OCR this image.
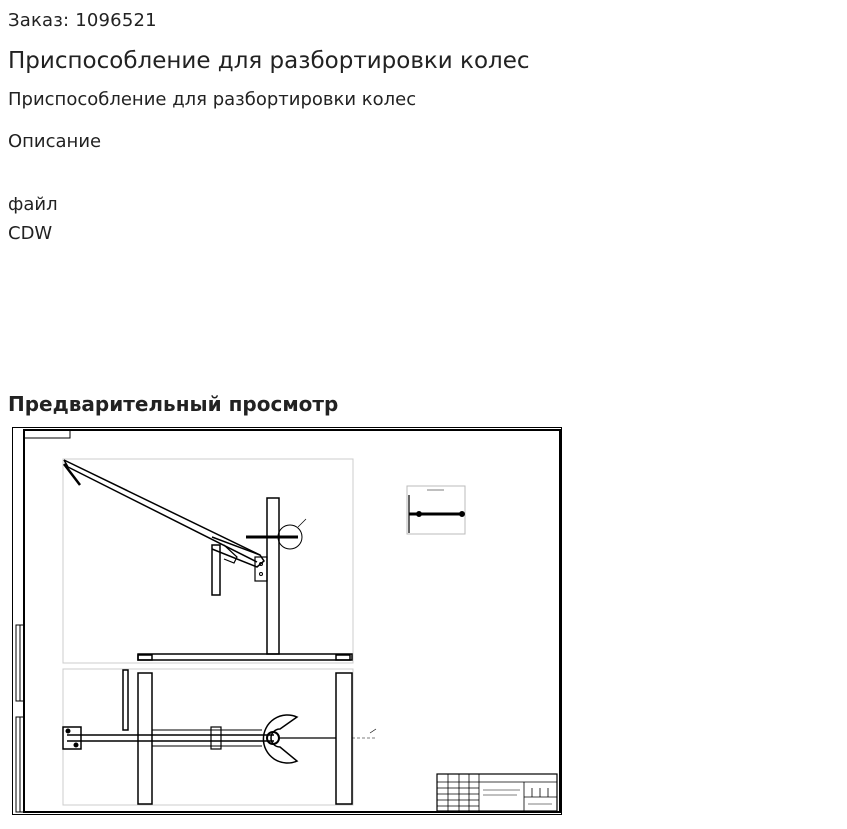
Заказ: 1096521
Приспособление для разбортировки колес
Приспособление для разбортировки колес
Описание
файл
CDW
Предварительный просмотр
